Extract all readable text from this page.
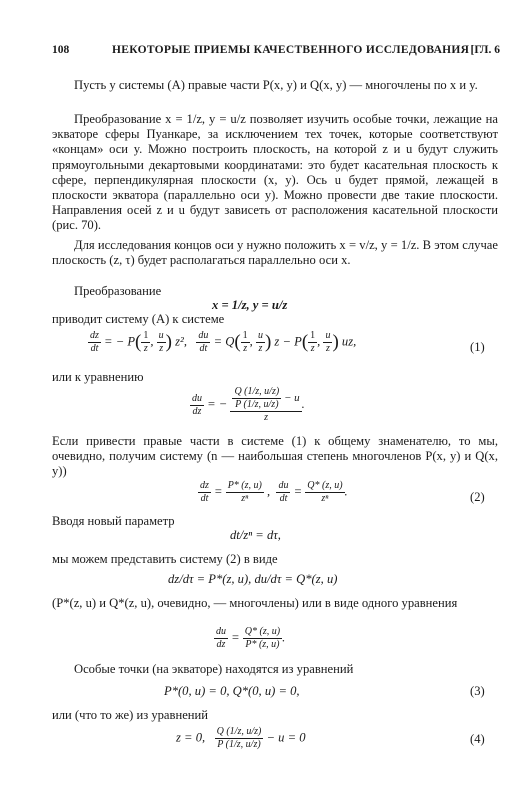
108	НЕКОТОРЫЕ ПРИЕМЫ КАЧЕСТВЕННОГО ИССЛЕДОВАНИЯ [ГЛ. 6
Пусть у системы (А) правые части P(x, y) и Q(x, y) — многочлены по x и y.
Преобразование x = 1/z, y = u/z позволяет изучить особые точки, лежащие на экваторе сферы Пуанкаре, за исключением тех точек, которые соответствуют «концам» оси y. Можно построить плоскость, на которой z и u будут служить прямоугольными декартовыми координатами: это будет касательная плоскость к сфере, перпендикулярная плоскости (x, y). Ось u будет прямой, лежащей в плоскости экватора (параллельно оси y). Можно провести две такие плоскости. Направления осей z и u будут зависеть от расположения касательной плоскости (рис. 70).
Для исследования концов оси y нужно положить x = v/z, y = 1/z. В этом случае плоскость (z, τ) будет располагаться параллельно оси x.
Преобразование
x = 1/z, y = u/z
приводит систему (А) к системе
$\frac{dz}{dt}$ = − $P( \frac{1}{z}$ , $\frac{u}{z}$ ) z², $\frac{du}{dt} = Q( \frac{1}{z}$ , $\frac{u}{z}$ ) $z - P( \frac{1}{z}$ , $\frac{u}{z}$ ) uz,	(1)
или к уравнению
$\frac{du}{dz}$ = − $\frac{\frac{Q (1/z, u/z)}{P (1/z, u/z)} - u}{z}$ .
Если привести правые части в системе (1) к общему знаменателю, то мы, очевидно, получим систему (n — наибольшая степень многочленов P(x, y) и Q(x, y))
$\frac{dz}{dt} = \frac{P* (z, u)}{\text{zⁿ}}$ , $\frac{du}{dt} = \frac{Q* (z, u)}{\text{zⁿ}}$ .	(2)
Вводя новый параметр
dt/zⁿ = dτ,
мы можем представить систему (2) в виде
dz/dτ = P*(z, u), du/dτ = Q*(z, u)
(P*(z, u) и Q*(z, u), очевидно, — многочлены) или в виде одного уравнения
$\frac{du}{dz} = \frac{Q* (z, u)}{P* (z, u)}$ .
Особые точки (на экваторе) находятся из уравнений
P*(0, u) = 0, Q*(0, u) = 0,	(3)
или (что то же) из уравнений
z = 0, $\frac{Q (1/z, u/z)}{P (1/z, u/z)} - u = 0$	(4)
